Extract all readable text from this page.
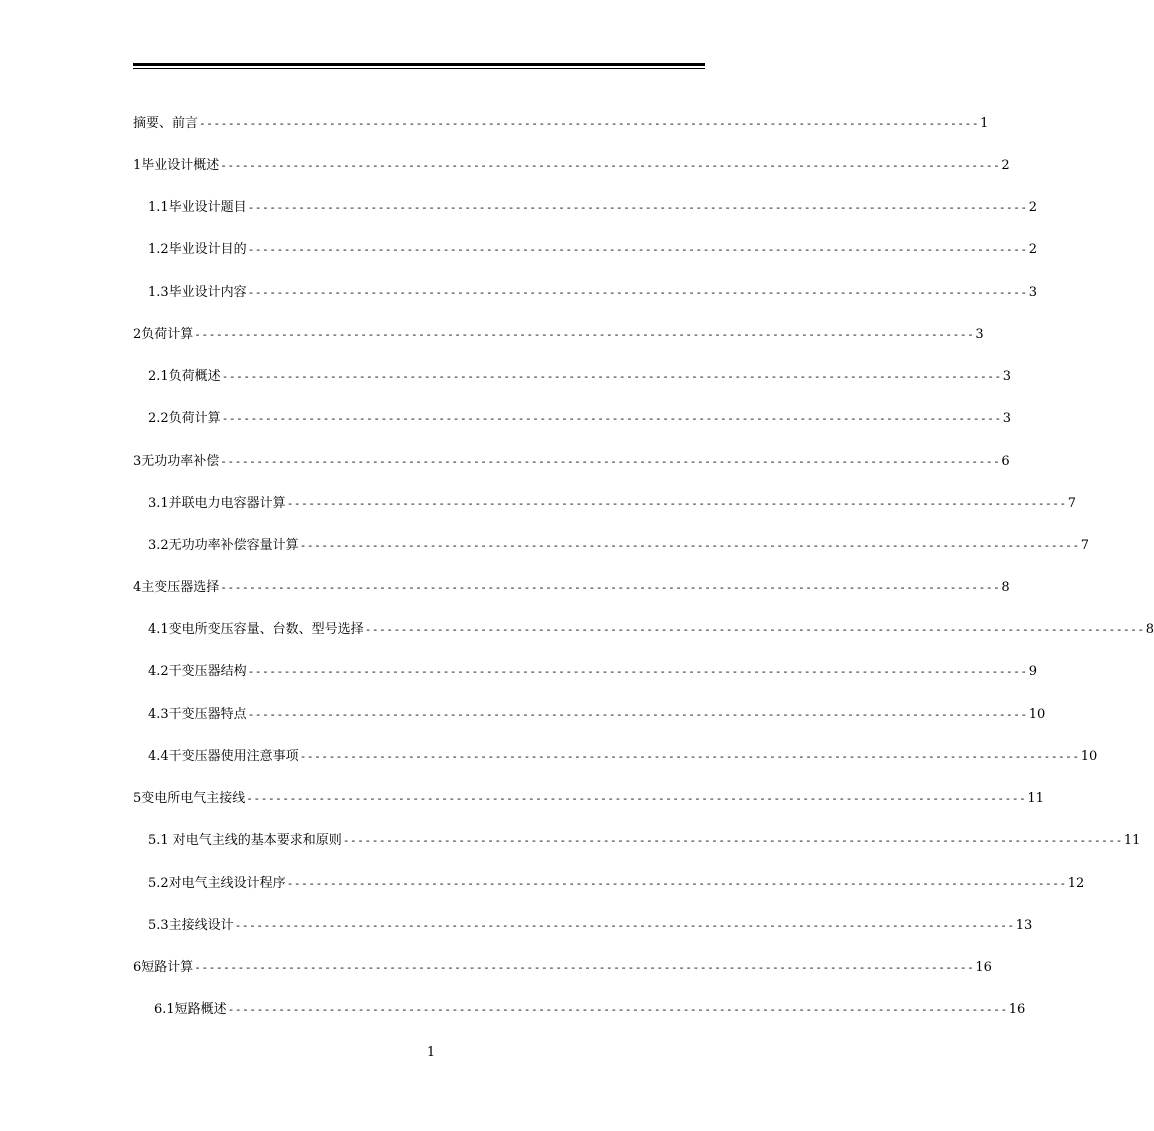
摘要、前言 ------------------------------------------------------------------------------------------------------------ 1
1毕业设计概述 ------------------------------------------------------------------------------------------------------------ 2
1.1毕业设计题目 ------------------------------------------------------------------------------------------------------------ 2
1.2毕业设计目的 ------------------------------------------------------------------------------------------------------------ 2
1.3毕业设计内容 ------------------------------------------------------------------------------------------------------------ 3
2负荷计算 ------------------------------------------------------------------------------------------------------------ 3
2.1负荷概述 ------------------------------------------------------------------------------------------------------------ 3
2.2负荷计算 ------------------------------------------------------------------------------------------------------------ 3
3无功功率补偿 ------------------------------------------------------------------------------------------------------------ 6
3.1并联电力电容器计算 ------------------------------------------------------------------------------------------------------------ 7
3.2无功功率补偿容量计算 ------------------------------------------------------------------------------------------------------------ 7
4主变压器选择 ------------------------------------------------------------------------------------------------------------ 8
4.1变电所变压容量、台数、型号选择 ------------------------------------------------------------------------------------------------------------ 8
4.2干变压器结构 ------------------------------------------------------------------------------------------------------------ 9
4.3干变压器特点 ------------------------------------------------------------------------------------------------------------ 10
4.4干变压器使用注意事项 ------------------------------------------------------------------------------------------------------------ 10
5变电所电气主接线 ------------------------------------------------------------------------------------------------------------ 11
5.1 对电气主线的基本要求和原则 ------------------------------------------------------------------------------------------------------------ 11
5.2对电气主线设计程序 ------------------------------------------------------------------------------------------------------------ 12
5.3主接线设计 ------------------------------------------------------------------------------------------------------------ 13
6短路计算 ------------------------------------------------------------------------------------------------------------ 16
6.1短路概述 ------------------------------------------------------------------------------------------------------------ 16
1
